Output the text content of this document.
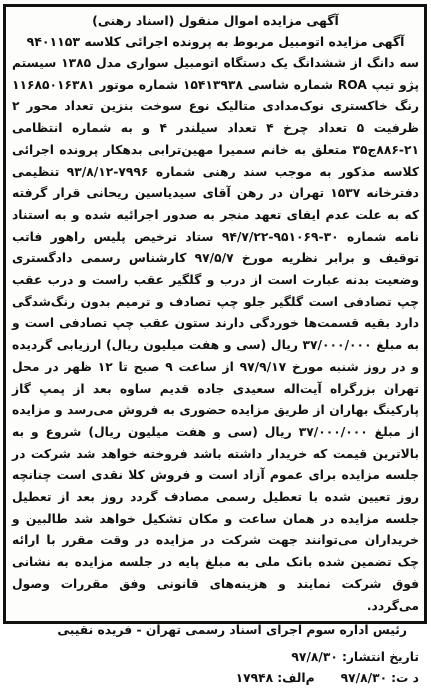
آگهی مزایده اموال منقول (اسناد رهنی)

آگهی مزایده اتومبیل مربوط به پرونده اجرائی کلاسه ۹۴۰۱۱۵۳

سه دانگ از ششدانگ یک دستگاه اتومبیل سواری مدل ۱۳۸۵ سیستم پژو تیپ ROA شماره شاسی ۱۵۴۱۳۹۳۸ شماره موتور ۱۱۶۸۵۰۱۶۳۸۱ رنگ خاکستری نوک‌مدادی متالیک نوع سوخت بنزین تعداد محور ۲ ظرفیت ۵ تعداد چرخ ۴ تعداد سیلندر ۴ و به شماره انتظامی ۲۱-۸۸۶ج۳۵ متعلق به خانم سمیرا مهین‌ترابی بدهکار پرونده اجرائی کلاسه مذکور به موجب سند رهنی شماره ۷۹۹۶-۹۳/۸/۱۲ تنظیمی دفترخانه ۱۵۳۷ تهران در رهن آقای سیدیاسین ریحانی قرار گرفته که به علت عدم ایفای تعهد منجر به صدور اجرائیه شده و به استناد نامه شماره ۳۰-۹۵۱۰۶۹-۹۴/۷/۲۲ ستاد ترخیص پلیس راهور فاتب توقیف و برابر نظریه مورخ ۹۷/۵/۷ کارشناس رسمی دادگستری وضعیت بدنه عبارت است از درب و گلگیر عقب راست و درب عقب چپ تصادفی است گلگیر جلو چپ تصادف و ترمیم بدون رنگ‌شدگی دارد بقیه قسمت‌ها خوردگی دارند ستون عقب چپ تصادفی است و به مبلغ ۳۷/۰۰۰/۰۰۰ ریال (سی و هفت میلیون ریال) ارزیابی گردیده و در روز شنبه مورخ ۹۷/۹/۱۷ از ساعت ۹ صبح تا ۱۲ ظهر در محل تهران بزرگراه آیت‌اله سعیدی جاده قدیم ساوه بعد از پمپ گاز پارکینگ بهاران از طریق مزایده حضوری به فروش می‌رسد و مزایده از مبلغ ۳۷/۰۰۰/۰۰۰ ریال (سی و هفت میلیون ریال) شروع و به بالاترین قیمت که خریدار داشته باشد فروخته خواهد شد شرکت در جلسه مزایده برای عموم آزاد است و فروش کلا نقدی است چنانچه روز تعیین شده با تعطیل رسمی مصادف گردد روز بعد از تعطیل جلسه مزایده در همان ساعت و مکان تشکیل خواهد شد طالبین و خریداران می‌توانند جهت شرکت در مزایده در وقت مقرر با ارائه چک تضمین شده بانک ملی به مبلغ پایه در جلسه مزایده به نشانی فوق شرکت نمایند و هزینه‌های قانونی وفق مقررات وصول می‌گردد.

رئیس اداره سوم اجرای اسناد رسمی تهران - فریده نقیبی

تاریخ انتشار:
۹۷/۸/۳۰
د ت:
۹۷/۸/۳۰
م‌الف:
۱۷۹۴۸
